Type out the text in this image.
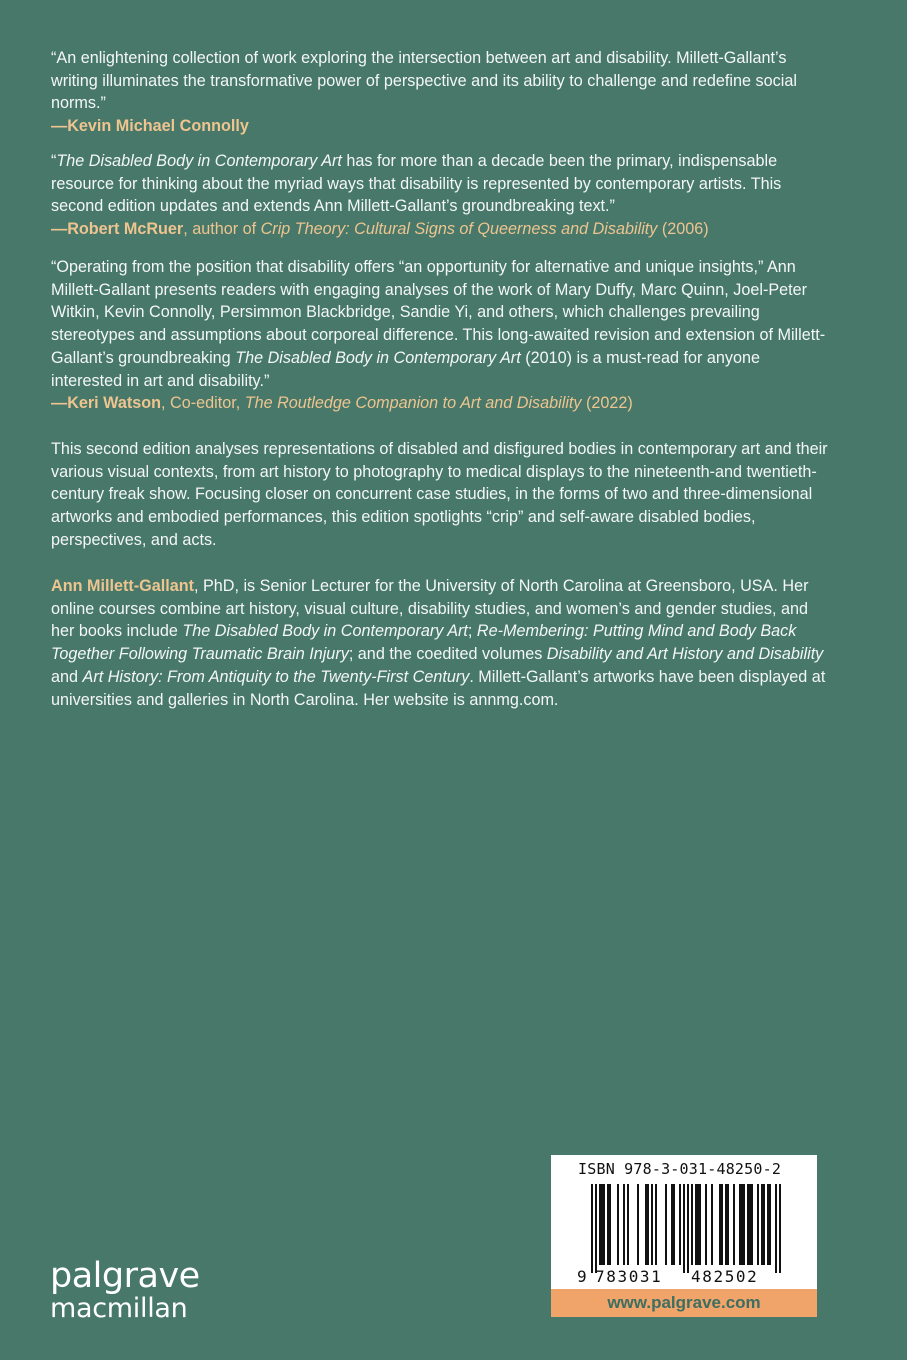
“An enlightening collection of work exploring the intersection between art and disability. Millett-Gallant’s writing illuminates the transformative power of perspective and its ability to challenge and redefine social norms.”

—Kevin Michael Connolly

“The Disabled Body in Contemporary Art has for more than a decade been the primary, indispensable resource for thinking about the myriad ways that disability is represented by contemporary artists. This second edition updates and extends Ann Millett-Gallant’s groundbreaking text.”

—Robert McRuer, author of Crip Theory: Cultural Signs of Queerness and Disability (2006)

“Operating from the position that disability offers “an opportunity for alternative and unique insights,” Ann Millett-Gallant presents readers with engaging analyses of the work of Mary Duffy, Marc Quinn, Joel-Peter Witkin, Kevin Connolly, Persimmon Blackbridge, Sandie Yi, and others, which challenges prevailing stereotypes and assumptions about corporeal difference. This long-awaited revision and extension of Millett-Gallant’s groundbreaking The Disabled Body in Contemporary Art (2010) is a must-read for anyone interested in art and disability.”

—Keri Watson, Co-editor, The Routledge Companion to Art and Disability (2022)

This second edition analyses representations of disabled and disfigured bodies in contemporary art and their various visual contexts, from art history to photography to medical displays to the nineteenth-and twentieth-century freak show. Focusing closer on concurrent case studies, in the forms of two and three-dimensional artworks and embodied performances, this edition spotlights “crip” and self-aware disabled bodies, perspectives, and acts.

Ann Millett-Gallant, PhD, is Senior Lecturer for the University of North Carolina at Greensboro, USA. Her online courses combine art history, visual culture, disability studies, and women’s and gender studies, and her books include The Disabled Body in Contemporary Art; Re-Membering: Putting Mind and Body Back Together Following Traumatic Brain Injury; and the coedited volumes Disability and Art History and Disability and Art History: From Antiquity to the Twenty-First Century. Millett-Gallant’s artworks have been displayed at universities and galleries in North Carolina. Her website is annmg.com.

palgrave
macmillan
ISBN 978-3-031-48250-2
9 783031 482502
www.palgrave.com
